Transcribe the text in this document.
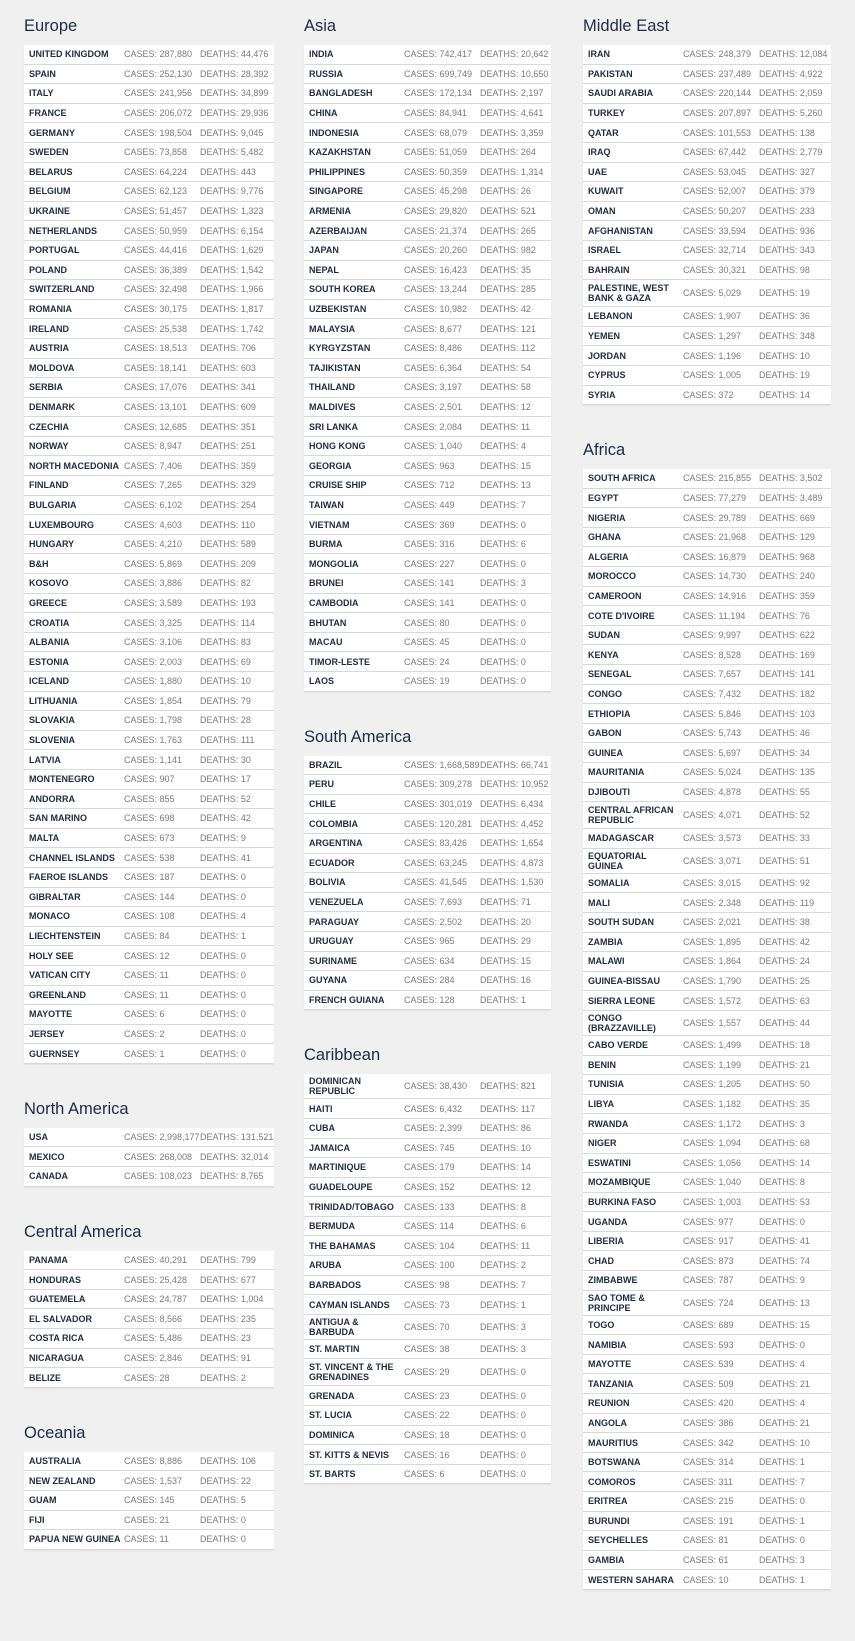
Europe
UNITED KINGDOM	CASES: 287,880 DEATHS: 44,476
SPAIN	CASES: 252,130 DEATHS: 28,392
ITALY	CASES: 241,956 DEATHS: 34,899
FRANCE	CASES: 206,072 DEATHS: 29,936
GERMANY	CASES: 198,504 DEATHS: 9,045
SWEDEN	CASES: 73,858	DEATHS: 5,482
BELARUS	CASES: 64,224	DEATHS: 443
BELGIUM	CASES: 62,123	DEATHS: 9,776
UKRAINE	CASES: 51,457	DEATHS: 1,323
NETHERLANDS	CASES: 50,959	DEATHS: 6,154
PORTUGAL	CASES: 44,416	DEATHS: 1,629
POLAND	CASES: 36,389	DEATHS: 1,542
SWITZERLAND	CASES: 32,498	DEATHS: 1,966
ROMANIA	CASES: 30,175	DEATHS: 1,817
IRELAND	CASES: 25,538	DEATHS: 1,742
AUSTRIA	CASES: 18,513	DEATHS: 706
MOLDOVA	CASES: 18,141	DEATHS: 603
SERBIA	CASES: 17,076	DEATHS: 341
DENMARK	CASES: 13,101	DEATHS: 609
CZECHIA	CASES: 12,685	DEATHS: 351
NORWAY	CASES: 8,947	DEATHS: 251
NORTH MACEDONIA CASES: 7,406	DEATHS: 359
FINLAND	CASES: 7,265	DEATHS: 329
BULGARIA	CASES: 6,102	DEATHS: 254
LUXEMBOURG	CASES: 4,603	DEATHS: 110
HUNGARY	CASES: 4,210	DEATHS: 589
B&H	CASES: 5,869	DEATHS: 209
KOSOVO	CASES: 3,886	DEATHS: 82
GREECE	CASES: 3,589	DEATHS: 193
CROATIA	CASES: 3,325	DEATHS: 114
ALBANIA	CASES: 3,106	DEATHS: 83
ESTONIA	CASES: 2,003	DEATHS: 69
ICELAND	CASES: 1,880	DEATHS: 10
LITHUANIA	CASES: 1,854	DEATHS: 79
SLOVAKIA	CASES: 1,798	DEATHS: 28
SLOVENIA	CASES: 1,763	DEATHS: 111
LATVIA	CASES: 1,141	DEATHS: 30
MONTENEGRO	CASES: 907	DEATHS: 17
ANDORRA	CASES: 855	DEATHS: 52
SAN MARINO	CASES: 698	DEATHS: 42
MALTA	CASES: 673	DEATHS: 9
CHANNEL ISLANDS	CASES: 538	DEATHS: 41
FAEROE ISLANDS	CASES: 187	DEATHS: 0
GIBRALTAR	CASES: 144	DEATHS: 0
MONACO	CASES: 108	DEATHS: 4
LIECHTENSTEIN	CASES: 84	DEATHS: 1
HOLY SEE	CASES: 12	DEATHS: 0
VATICAN CITY	CASES: 11	DEATHS: 0
GREENLAND	CASES: 11	DEATHS: 0
MAYOTTE	CASES: 6	DEATHS: 0
JERSEY	CASES: 2	DEATHS: 0
GUERNSEY	CASES: 1	DEATHS: 0
North America
USA	CASES: 2,998,177 DEATHS: 131,521
MEXICO	CASES: 268,008 DEATHS: 32,014
CANADA	CASES: 108,023 DEATHS: 8,765
Central America
PANAMA	CASES: 40,291	DEATHS: 799
HONDURAS	CASES: 25,428	DEATHS: 677
GUATEMELA	CASES: 24,787	DEATHS: 1,004
EL SALVADOR	CASES: 8,566	DEATHS: 235
COSTA RICA	CASES: 5,486	DEATHS: 23
NICARAGUA	CASES: 2,846	DEATHS: 91
BELIZE	CASES: 28	DEATHS: 2
Oceania
AUSTRALIA	CASES: 8,886	DEATHS: 106
NEW ZEALAND	CASES: 1,537	DEATHS: 22
GUAM	CASES: 145	DEATHS: 5
FIJI	CASES: 21	DEATHS: 0
PAPUA NEW GUINEA CASES: 11	DEATHS: 0
Asia
INDIA	CASES: 742,417 DEATHS: 20,642
RUSSIA	CASES: 699,749 DEATHS: 10,650
BANGLADESH	CASES: 172,134 DEATHS: 2,197
CHINA	CASES: 84,941	DEATHS: 4,641
INDONESIA	CASES: 68,079	DEATHS: 3,359
KAZAKHSTAN	CASES: 51,059	DEATHS: 264
PHILIPPINES	CASES: 50,359	DEATHS: 1,314
SINGAPORE	CASES: 45,298	DEATHS: 26
ARMENIA	CASES: 29,820	DEATHS: 521
AZERBAIJAN	CASES: 21,374	DEATHS: 265
JAPAN	CASES: 20,260	DEATHS: 982
NEPAL	CASES: 16,423	DEATHS: 35
SOUTH KOREA	CASES: 13,244	DEATHS: 285
UZBEKISTAN	CASES: 10,982	DEATHS: 42
MALAYSIA	CASES: 8,677	DEATHS: 121
KYRGYZSTAN	CASES: 8,486	DEATHS: 112
TAJIKISTAN	CASES: 6,364	DEATHS: 54
THAILAND	CASES: 3,197	DEATHS: 58
MALDIVES	CASES: 2,501	DEATHS: 12
SRI LANKA	CASES: 2,084	DEATHS: 11
HONG KONG	CASES: 1,040	DEATHS: 4
GEORGIA	CASES: 963	DEATHS: 15
CRUISE SHIP	CASES: 712	DEATHS: 13
TAIWAN	CASES: 449	DEATHS: 7
VIETNAM	CASES: 369	DEATHS: 0
BURMA	CASES: 316	DEATHS: 6
MONGOLIA	CASES: 227	DEATHS: 0
BRUNEI	CASES: 141	DEATHS: 3
CAMBODIA	CASES: 141	DEATHS: 0
BHUTAN	CASES: 80	DEATHS: 0
MACAU	CASES: 45	DEATHS: 0
TIMOR-LESTE	CASES: 24	DEATHS: 0
LAOS	CASES: 19	DEATHS: 0
South America
BRAZIL	CASES: 1,668,589 DEATHS: 66,741
PERU	CASES: 309,278 DEATHS: 10,952
CHILE	CASES: 301,019 DEATHS: 6,434
COLOMBIA	CASES: 120,281 DEATHS: 4,452
ARGENTINA	CASES: 83,426	DEATHS: 1,654
ECUADOR	CASES: 63,245	DEATHS: 4,873
BOLIVIA	CASES: 41,545	DEATHS: 1,530
VENEZUELA	CASES: 7,693	DEATHS: 71
PARAGUAY	CASES: 2,502	DEATHS: 20
URUGUAY	CASES: 965	DEATHS: 29
SURINAME	CASES: 634	DEATHS: 15
GUYANA	CASES: 284	DEATHS: 16
FRENCH GUIANA	CASES: 128	DEATHS: 1
Caribbean
DOMINICAN REPUBLIC	CASES: 38,430	DEATHS: 821
HAITI	CASES: 6,432	DEATHS: 117
CUBA	CASES: 2,399	DEATHS: 86
JAMAICA	CASES: 745	DEATHS: 10
MARTINIQUE	CASES: 179	DEATHS: 14
GUADELOUPE	CASES: 152	DEATHS: 12
TRINIDAD/TOBAGO	CASES: 133	DEATHS: 8
BERMUDA	CASES: 114	DEATHS: 6
THE BAHAMAS	CASES: 104	DEATHS: 11
ARUBA	CASES: 100	DEATHS: 2
BARBADOS	CASES: 98	DEATHS: 7
CAYMAN ISLANDS	CASES: 73	DEATHS: 1
ANTIGUA & BARBUDA	CASES: 70	DEATHS: 3
ST. MARTIN	CASES: 38	DEATHS: 3
ST. VINCENT & THE GRENADINES	CASES: 29	DEATHS: 0
GRENADA	CASES: 23	DEATHS: 0
ST. LUCIA	CASES: 22	DEATHS: 0
DOMINICA	CASES: 18	DEATHS: 0
ST. KITTS & NEVIS	CASES: 16	DEATHS: 0
ST. BARTS	CASES: 6	DEATHS: 0
Middle East
IRAN	CASES: 248,379 DEATHS: 12,084
PAKISTAN	CASES: 237,489 DEATHS: 4,922
SAUDI ARABIA	CASES: 220,144 DEATHS: 2,059
TURKEY	CASES: 207,897 DEATHS: 5,260
QATAR	CASES: 101,553 DEATHS: 138
IRAQ	CASES: 67,442	DEATHS: 2,779
UAE	CASES: 53,045	DEATHS: 327
KUWAIT	CASES: 52,007	DEATHS: 379
OMAN	CASES: 50,207	DEATHS: 233
AFGHANISTAN	CASES: 33,594	DEATHS: 936
ISRAEL	CASES: 32,714	DEATHS: 343
BAHRAIN	CASES: 30,321	DEATHS: 98
PALESTINE, WEST BANK & GAZA	CASES: 5,029	DEATHS: 19
LEBANON	CASES: 1,907	DEATHS: 36
YEMEN	CASES: 1,297	DEATHS: 348
JORDAN	CASES: 1,196	DEATHS: 10
CYPRUS	CASES: 1,005	DEATHS: 19
SYRIA	CASES: 372	DEATHS: 14
Africa
SOUTH AFRICA	CASES: 215,855 DEATHS: 3,502
EGYPT	CASES: 77,279	DEATHS: 3,489
NIGERIA	CASES: 29,789	DEATHS: 669
GHANA	CASES: 21,968	DEATHS: 129
ALGERIA	CASES: 16,879	DEATHS: 968
MOROCCO	CASES: 14,730	DEATHS: 240
CAMEROON	CASES: 14,916	DEATHS: 359
COTE D'IVOIRE	CASES: 11,194	DEATHS: 76
SUDAN	CASES: 9,997	DEATHS: 622
KENYA	CASES: 8,528	DEATHS: 169
SENEGAL	CASES: 7,657	DEATHS: 141
CONGO	CASES: 7,432	DEATHS: 182
ETHIOPIA	CASES: 5,846	DEATHS: 103
GABON	CASES: 5,743	DEATHS: 46
GUINEA	CASES: 5,697	DEATHS: 34
MAURITANIA	CASES: 5,024	DEATHS: 135
DJIBOUTI	CASES: 4,878	DEATHS: 55
CENTRAL AFRICAN REPUBLIC	CASES: 4,071	DEATHS: 52
MADAGASCAR	CASES: 3,573	DEATHS: 33
EQUATORIAL GUINEA	CASES: 3,071	DEATHS: 51
SOMALIA	CASES: 3,015	DEATHS: 92
MALI	CASES: 2,348	DEATHS: 119
SOUTH SUDAN	CASES: 2,021	DEATHS: 38
ZAMBIA	CASES: 1,895	DEATHS: 42
MALAWI	CASES: 1,864	DEATHS: 24
GUINEA-BISSAU	CASES: 1,790	DEATHS: 25
SIERRA LEONE	CASES: 1,572	DEATHS: 63
CONGO (BRAZZAVILLE)	CASES: 1,557	DEATHS: 44
CABO VERDE	CASES: 1,499	DEATHS: 18
BENIN	CASES: 1,199	DEATHS: 21
TUNISIA	CASES: 1,205	DEATHS: 50
LIBYA	CASES: 1,182	DEATHS: 35
RWANDA	CASES: 1,172	DEATHS: 3
NIGER	CASES: 1,094	DEATHS: 68
ESWATINI	CASES: 1,056	DEATHS: 14
MOZAMBIQUE	CASES: 1,040	DEATHS: 8
BURKINA FASO	CASES: 1,003	DEATHS: 53
UGANDA	CASES: 977	DEATHS: 0
LIBERIA	CASES: 917	DEATHS: 41
CHAD	CASES: 873	DEATHS: 74
ZIMBABWE	CASES: 787	DEATHS: 9
SAO TOME & PRINCIPE	CASES: 724	DEATHS: 13
TOGO	CASES: 689	DEATHS: 15
NAMIBIA	CASES: 593	DEATHS: 0
MAYOTTE	CASES: 539	DEATHS: 4
TANZANIA	CASES: 509	DEATHS: 21
REUNION	CASES: 420	DEATHS: 4
ANGOLA	CASES: 386	DEATHS: 21
MAURITIUS	CASES: 342	DEATHS: 10
BOTSWANA	CASES: 314	DEATHS: 1
COMOROS	CASES: 311	DEATHS: 7
ERITREA	CASES: 215	DEATHS: 0
BURUNDI	CASES: 191	DEATHS: 1
SEYCHELLES	CASES: 81	DEATHS: 0
GAMBIA	CASES: 61	DEATHS: 3
WESTERN SAHARA CASES: 10	DEATHS: 1
